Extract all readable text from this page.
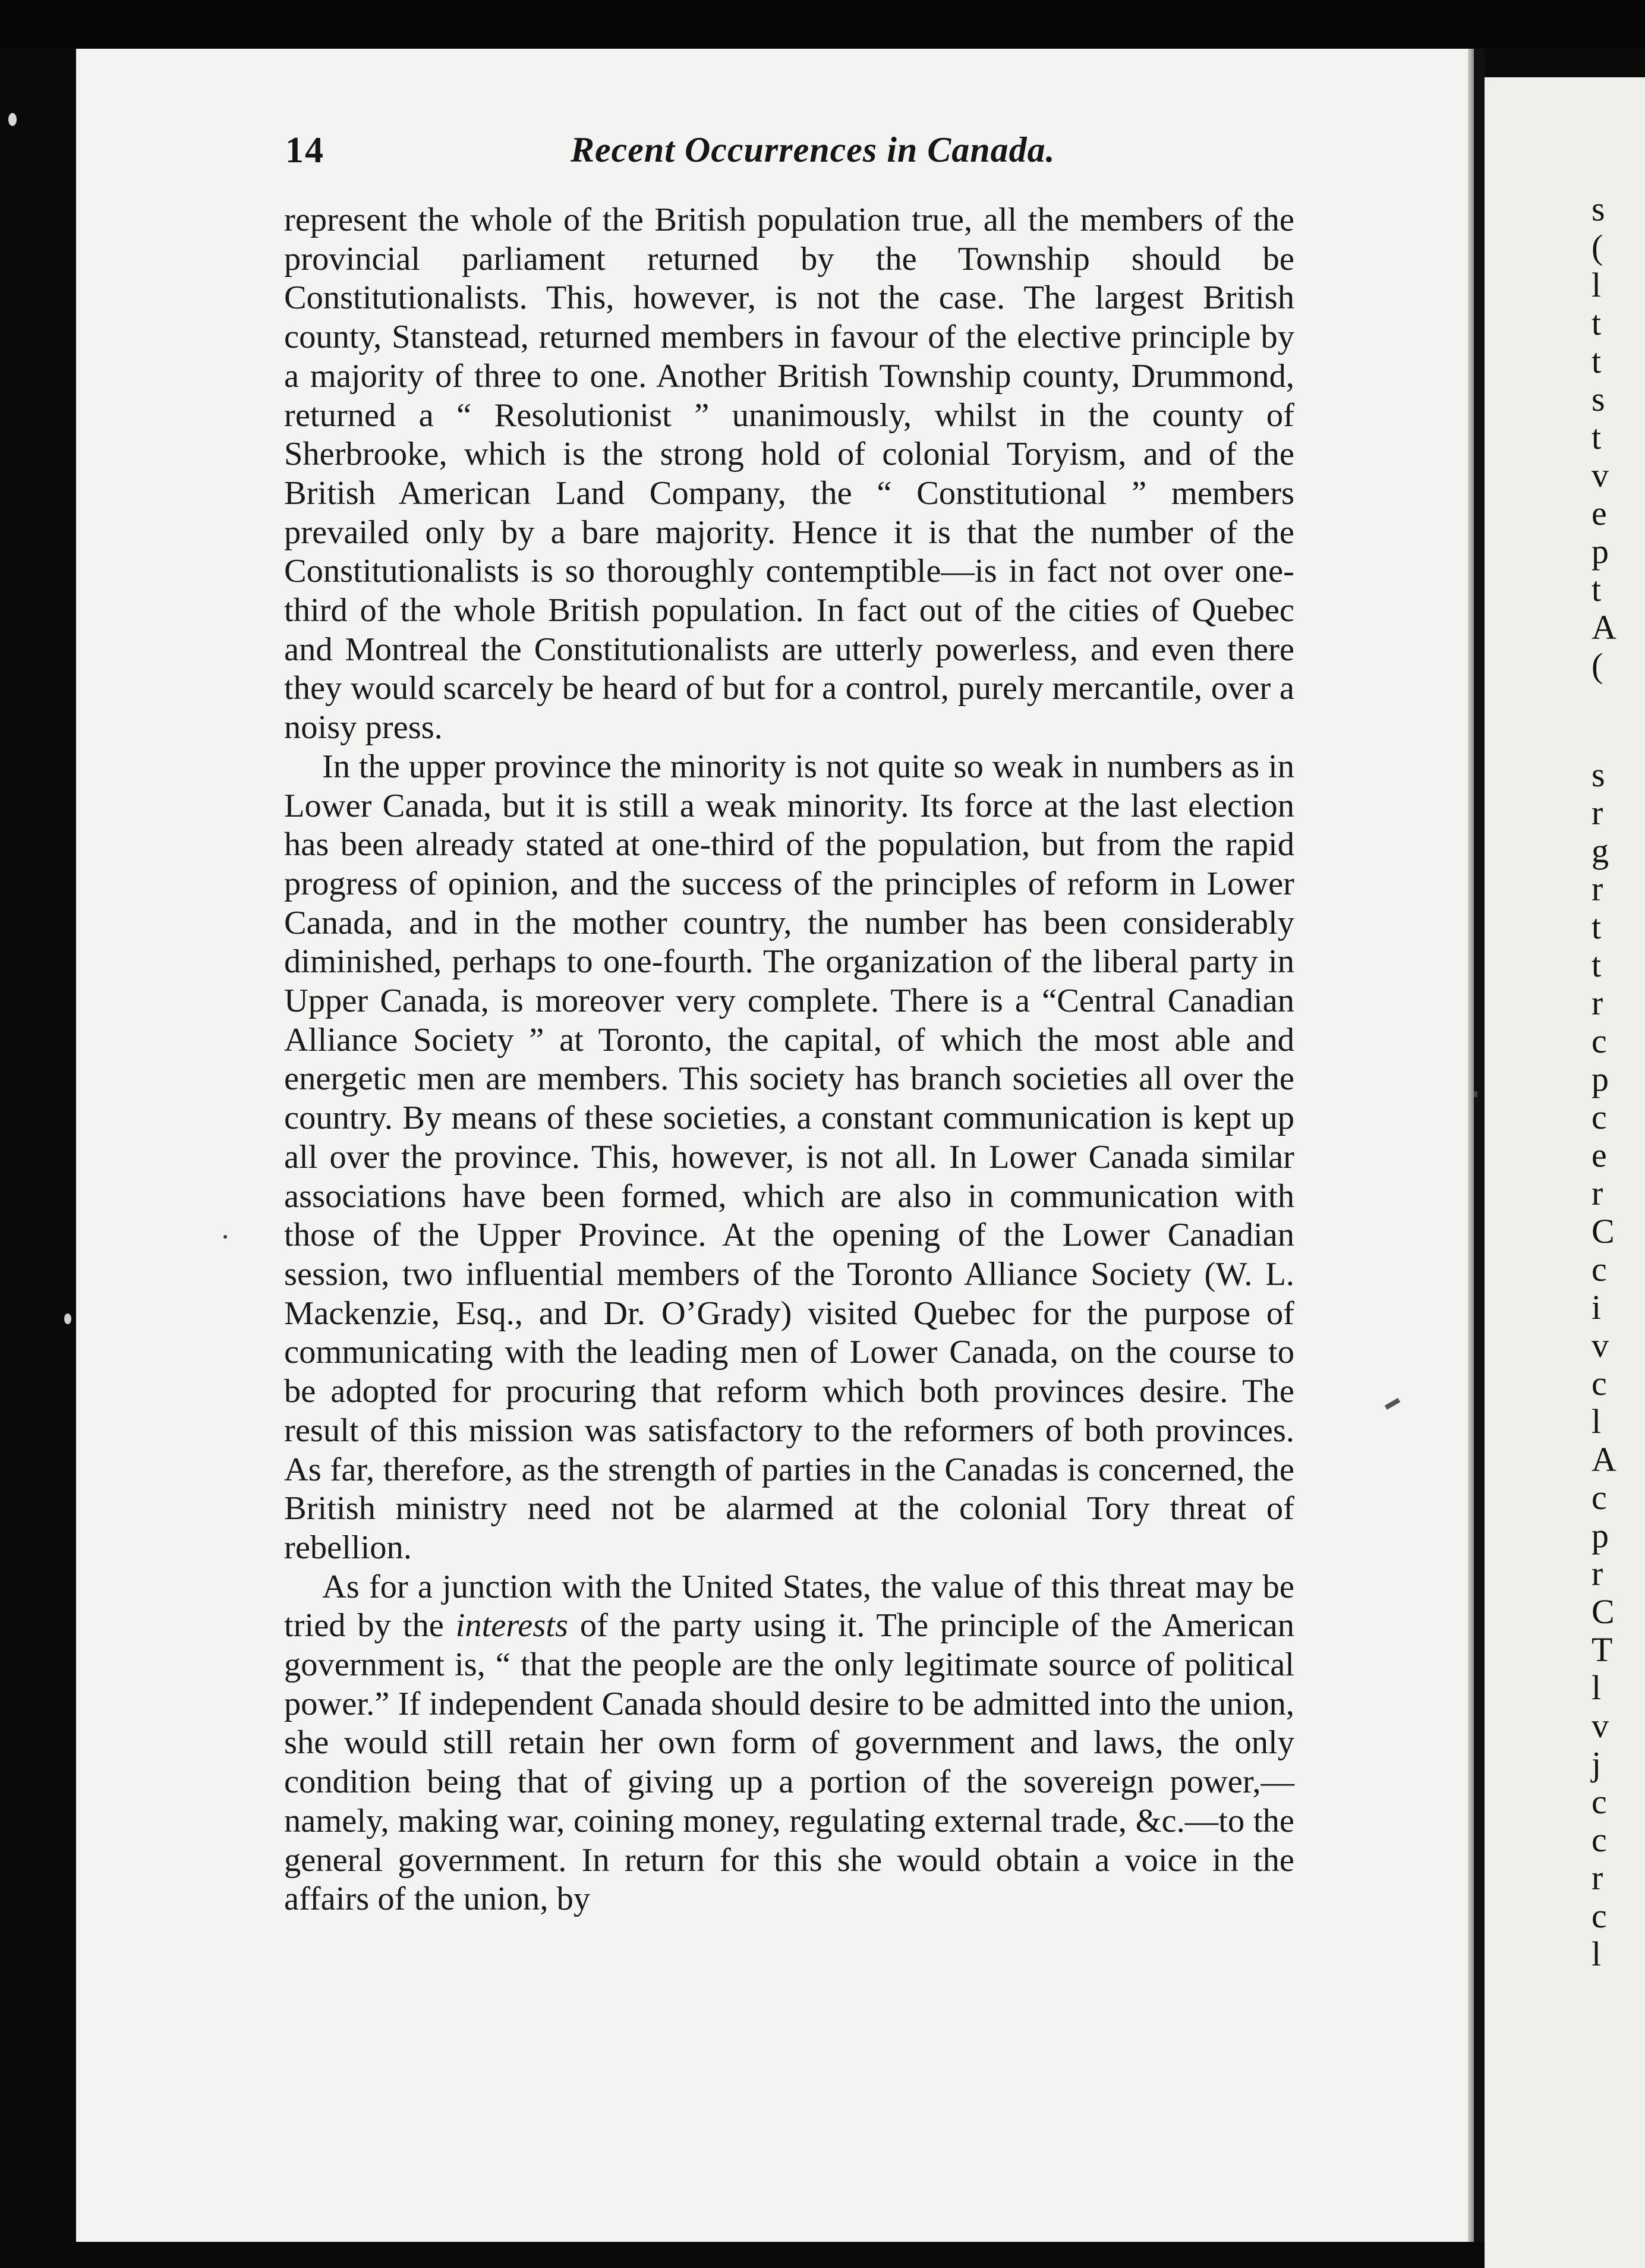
s
(
l
t
t
s
t
v
e
p
t
A
(
s
r
g
r
t
t
r
c
p
c
e
r
C
c
i
v
c
l
A
c
p
r
C
T
l
v
j
c
c
r
c
l
14	Recent Occurrences in Canada.

represent the whole of the British population true, all the members of the provincial parliament returned by the Township should be Constitutionalists. This, however, is not the case. The largest British county, Stanstead, returned members in favour of the elective principle by a majority of three to one. Another British Township county, Drummond, returned a “ Resolutionist ” unanimously, whilst in the county of Sherbrooke, which is the strong hold of colonial Toryism, and of the British American Land Company, the “ Constitutional ” members prevailed only by a bare majority. Hence it is that the number of the Constitutionalists is so thoroughly contemptible—is in fact not over one-third of the whole British population. In fact out of the cities of Quebec and Montreal the Constitutionalists are utterly powerless, and even there they would scarcely be heard of but for a control, purely mercantile, over a noisy press.

In the upper province the minority is not quite so weak in numbers as in Lower Canada, but it is still a weak minority. Its force at the last election has been already stated at one-third of the population, but from the rapid progress of opinion, and the success of the principles of reform in Lower Canada, and in the mother country, the number has been considerably diminished, perhaps to one-fourth. The organization of the liberal party in Upper Canada, is moreover very complete. There is a “Central Canadian Alliance Society ” at Toronto, the capital, of which the most able and energetic men are members. This society has branch societies all over the country. By means of these societies, a constant communication is kept up all over the province. This, however, is not all. In Lower Canada similar associations have been formed, which are also in communication with those of the Upper Province. At the opening of the Lower Canadian session, two influential members of the Toronto Alliance Society (W. L. Mackenzie, Esq., and Dr. O’Grady) visited Quebec for the purpose of communicating with the leading men of Lower Canada, on the course to be adopted for procuring that reform which both provinces desire. The result of this mission was satisfactory to the reformers of both provinces. As far, therefore, as the strength of parties in the Canadas is concerned, the British ministry need not be alarmed at the colonial Tory threat of rebellion.

As for a junction with the United States, the value of this threat may be tried by the interests of the party using it. The principle of the American government is, “ that the people are the only legitimate source of political power.” If independent Canada should desire to be admitted into the union, she would still retain her own form of government and laws, the only condition being that of giving up a portion of the sovereign power,—namely, making war, coining money, regulating external trade, &c.—to the general government. In return for this she would obtain a voice in the affairs of the union, by
